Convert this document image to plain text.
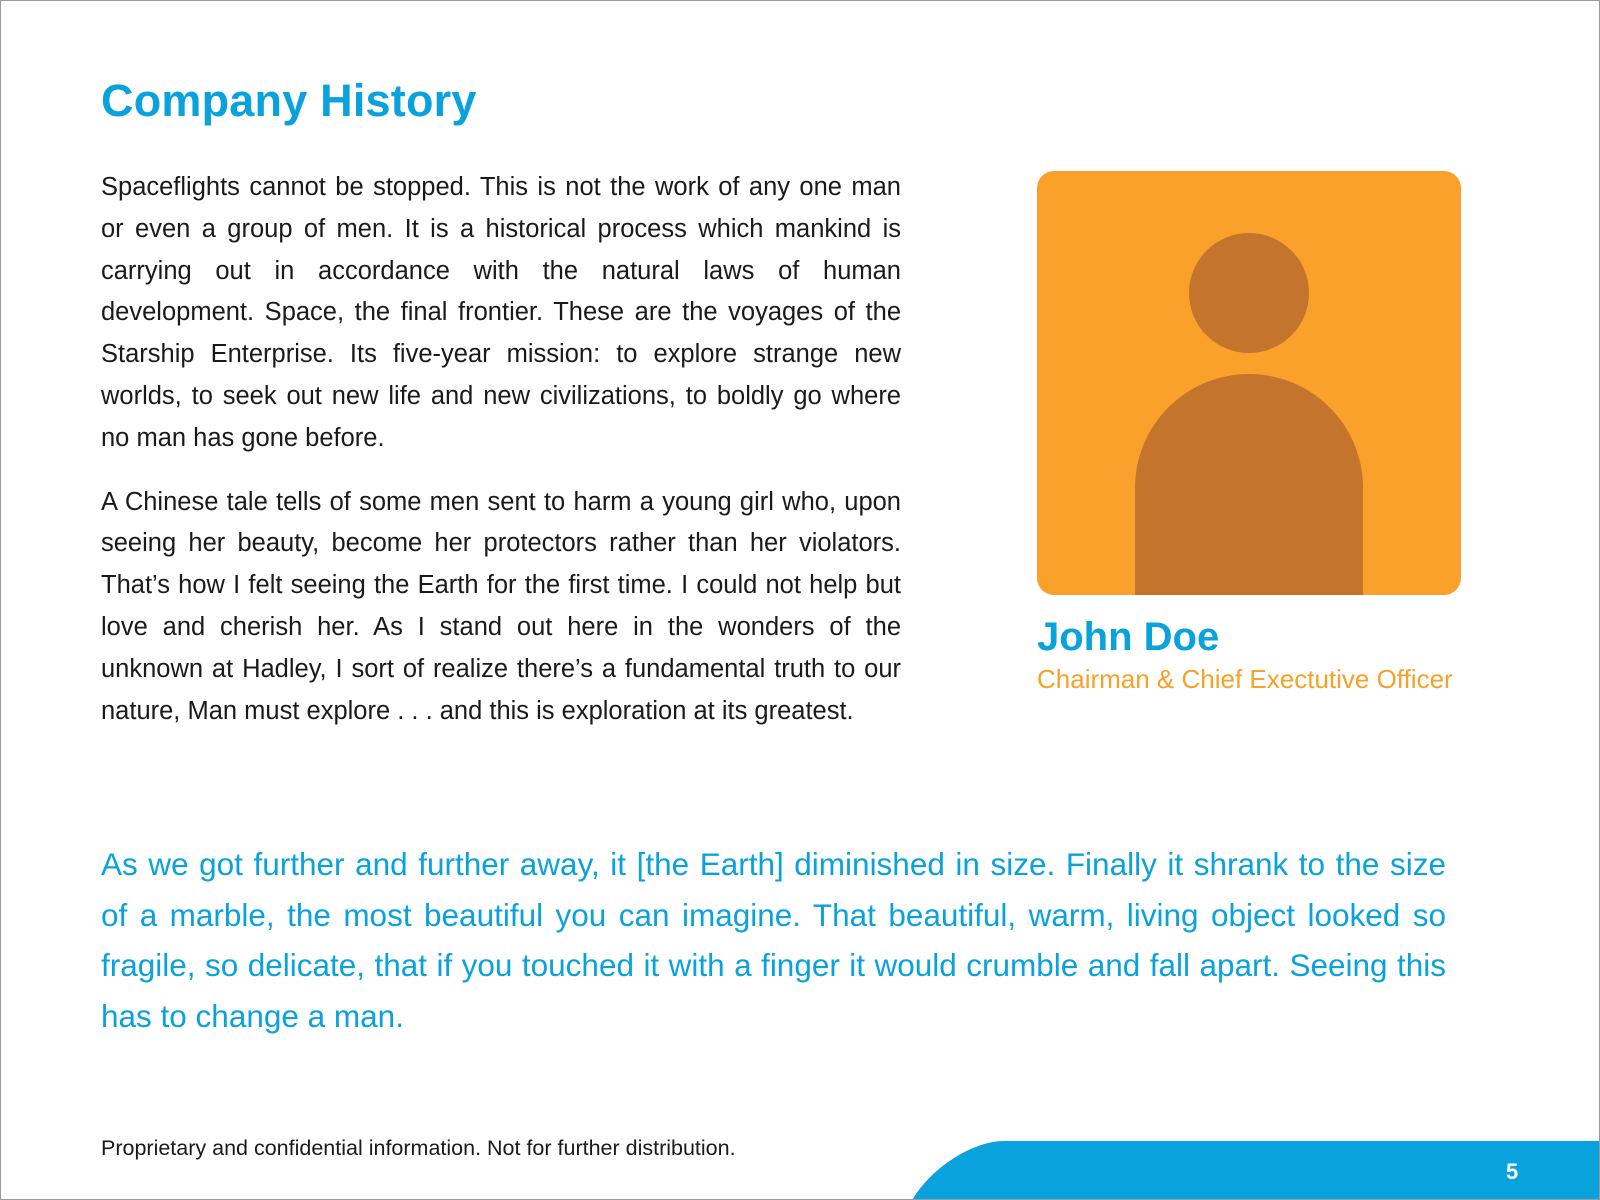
Company History

Spaceflights cannot be stopped. This is not the work of any one man or even a group of men. It is a historical process which mankind is carrying out in accordance with the natural laws of human development. Space, the final frontier. These are the voyages of the Starship Enterprise. Its five-year mission: to explore strange new worlds, to seek out new life and new civilizations, to boldly go where no man has gone before.

A Chinese tale tells of some men sent to harm a young girl who, upon seeing her beauty, become her protectors rather than her violators. That’s how I felt seeing the Earth for the first time. I could not help but love and cherish her. As I stand out here in the wonders of the unknown at Hadley, I sort of realize there’s a fundamental truth to our nature, Man must explore . . . and this is exploration at its greatest.

John Doe
Chairman & Chief Exectutive Officer

As we got further and further away, it [the Earth] diminished in size. Finally it shrank to the size of a marble, the most beautiful you can imagine. That beautiful, warm, living object looked so fragile, so delicate, that if you touched it with a finger it would crumble and fall apart. Seeing this has to change a man.

Proprietary and confidential information. Not for further distribution.
5
